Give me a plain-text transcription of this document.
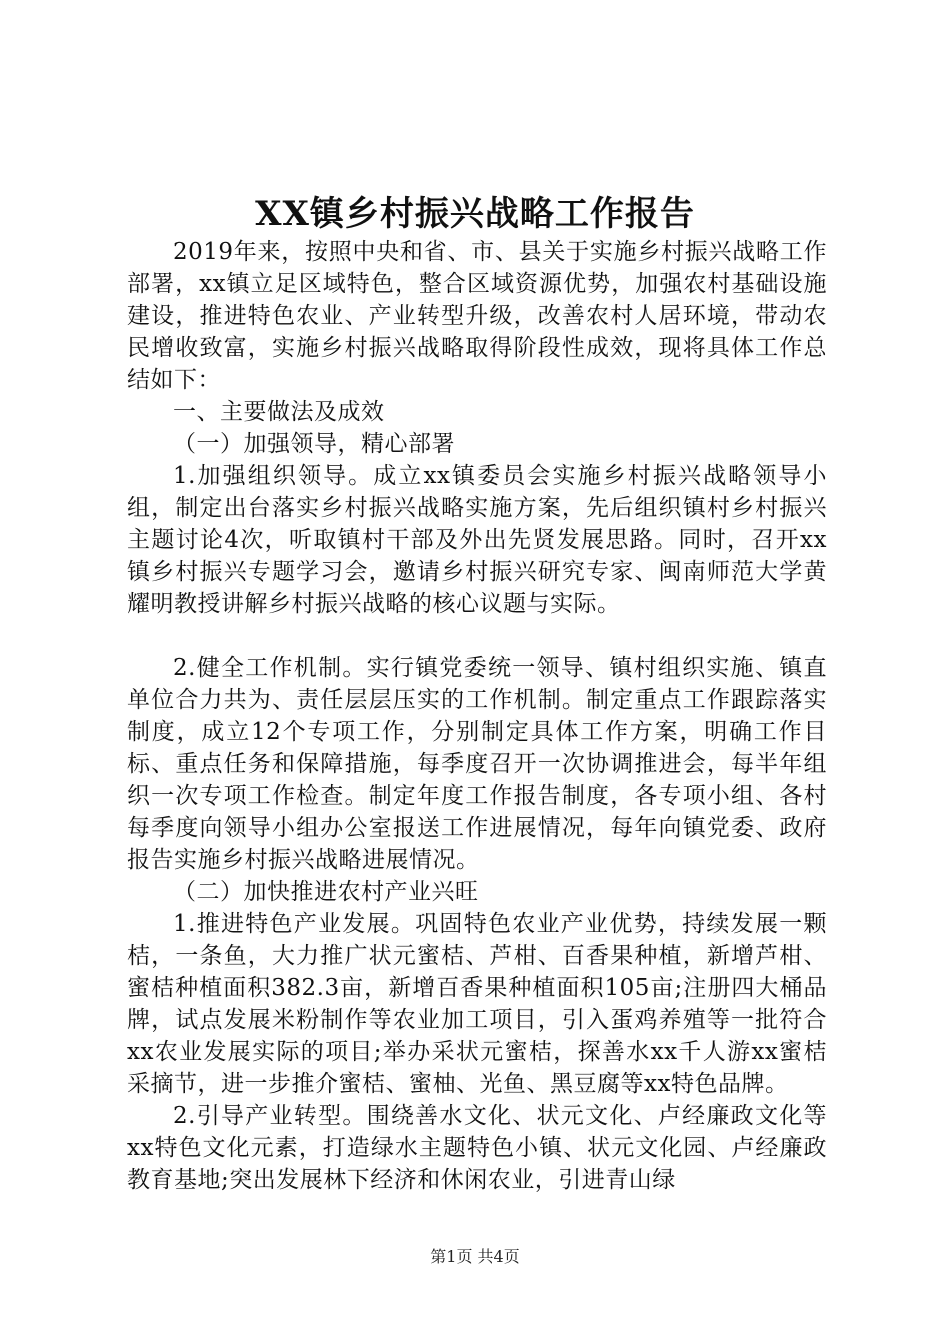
XX镇乡村振兴战略工作报告

2019年来，按照中央和省、市、县关于实施乡村振兴战略工作部署，xx镇立足区域特色，整合区域资源优势，加强农村基础设施建设，推进特色农业、产业转型升级，改善农村人居环境，带动农民增收致富，实施乡村振兴战略取得阶段性成效，现将具体工作总结如下：

一、主要做法及成效

（一）加强领导，精心部署

1.加强组织领导。成立xx镇委员会实施乡村振兴战略领导小组，制定出台落实乡村振兴战略实施方案，先后组织镇村乡村振兴主题讨论4次，听取镇村干部及外出先贤发展思路。同时，召开xx镇乡村振兴专题学习会，邀请乡村振兴研究专家、闽南师范大学黄耀明教授讲解乡村振兴战略的核心议题与实际。

2.健全工作机制。实行镇党委统一领导、镇村组织实施、镇直单位合力共为、责任层层压实的工作机制。制定重点工作跟踪落实制度，成立12个专项工作，分别制定具体工作方案，明确工作目标、重点任务和保障措施，每季度召开一次协调推进会，每半年组织一次专项工作检查。制定年度工作报告制度，各专项小组、各村每季度向领导小组办公室报送工作进展情况，每年向镇党委、政府报告实施乡村振兴战略进展情况。

（二）加快推进农村产业兴旺

1.推进特色产业发展。巩固特色农业产业优势，持续发展一颗桔，一条鱼，大力推广状元蜜桔、芦柑、百香果种植，新增芦柑、蜜桔种植面积382.3亩，新增百香果种植面积105亩;注册四大桶品牌，试点发展米粉制作等农业加工项目，引入蛋鸡养殖等一批符合xx农业发展实际的项目;举办采状元蜜桔，探善水xx千人游xx蜜桔采摘节，进一步推介蜜桔、蜜柚、光鱼、黑豆腐等xx特色品牌。

2.引导产业转型。围绕善水文化、状元文化、卢经廉政文化等xx特色文化元素，打造绿水主题特色小镇、状元文化园、卢经廉政教育基地;突出发展林下经济和休闲农业，引进青山绿

第1页 共4页
